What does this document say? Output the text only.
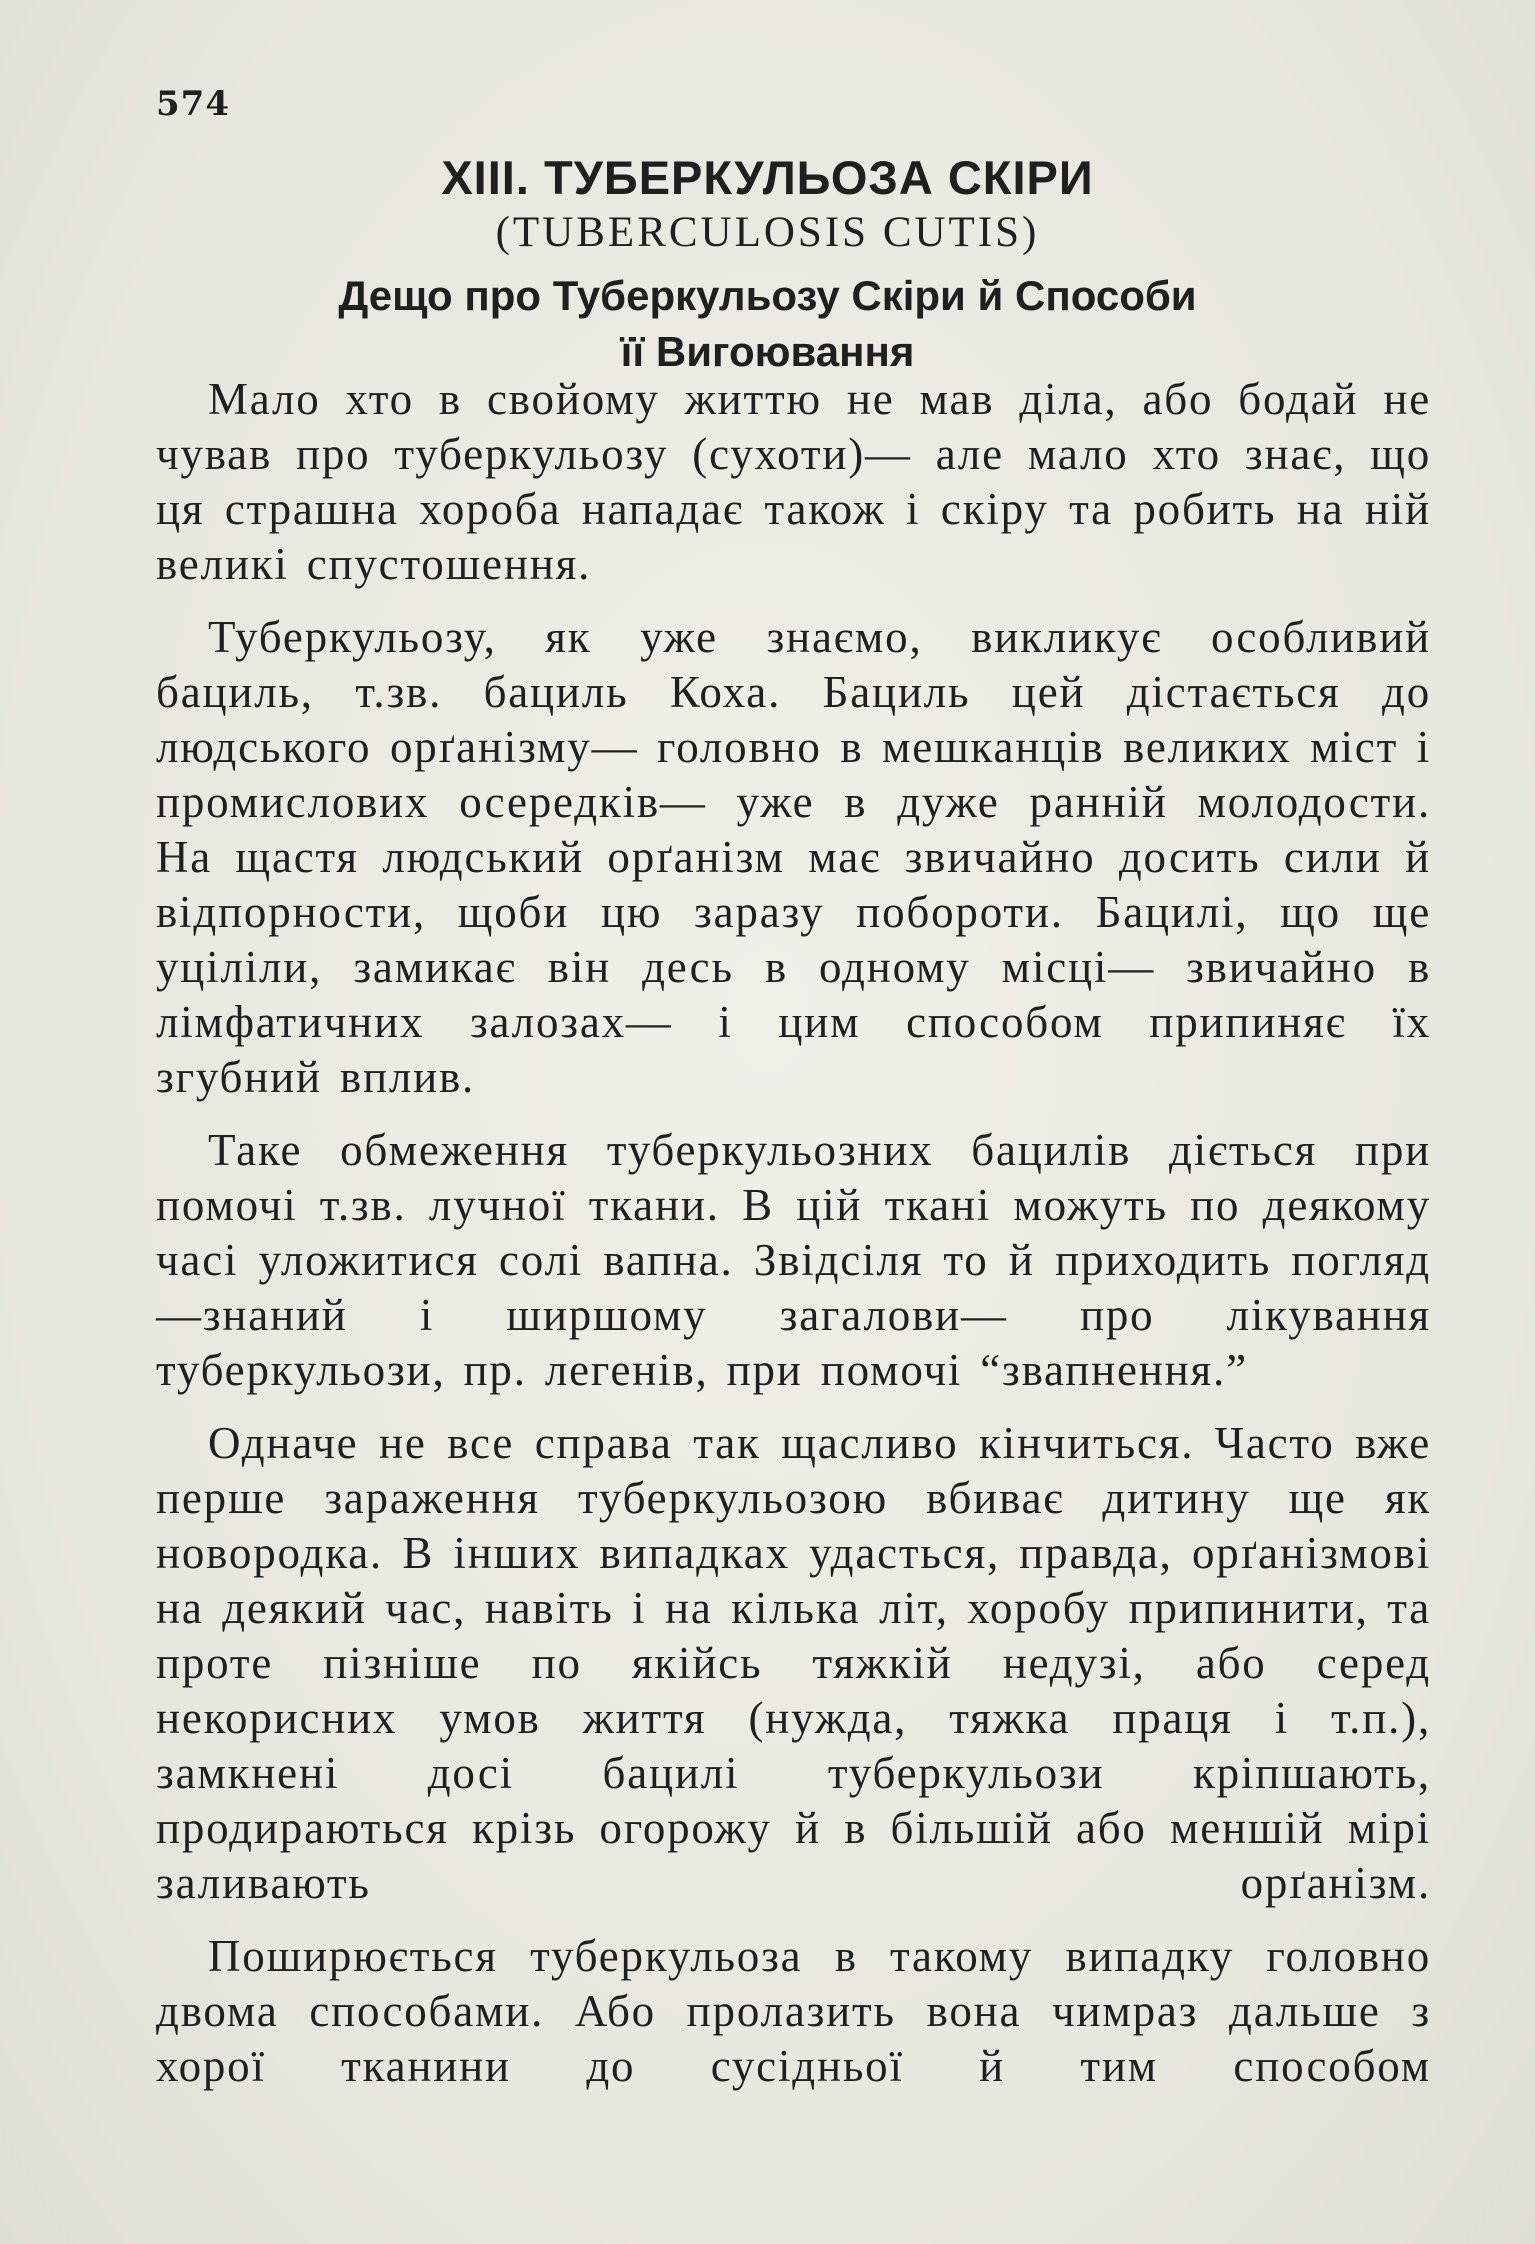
574
XIII. ТУБЕРКУЛЬОЗА СКІРИ
(TUBERCULOSIS CUTIS)
Дещо про Туберкульозу Скіри й Способи
її Вигоювання

Мало хто в свойому життю не мав діла, або бодай не чував про туберкульозу (сухоти)— але мало хто знає, що ця страшна хороба нападає також і скіру та робить на ній великі спустошення.

Туберкульозу, як уже знаємо, викликує особливий бациль, т.зв. бациль Коха. Бациль цей дістається до людського орґанізму— головно в мешканців великих міст і промислових осередків— уже в дуже ранній молодости. На щастя людський орґанізм має звичайно досить сили й відпорности, щоби цю заразу побороти. Бацилі, що ще уціліли, замикає він десь в одному місці— звичайно в лімфатичних залозах— і цим способом припиняє їх згубний вплив.

Таке обмеження туберкульозних бацилів діється при помочі т.зв. лучної ткани. В цій ткані можуть по деякому часі уложитися солі вапна. Звідсіля то й приходить погляд—знаний і ширшому загалови— про лікування туберкульози, пр. легенів, при помочі “звапнення.”

Одначе не все справа так щасливо кінчиться. Часто вже перше зараження туберкульозою вбиває дитину ще як новородка. В інших випадках удасться, правда, орґанізмові на деякий час, навіть і на кілька літ, хоробу припинити, та проте пізніше по якійсь тяжкій недузі, або серед некорисних умов життя (нужда, тяжка праця і т.п.), замкнені досі бацилі туберкульози кріпшають, продираються крізь огорожу й в більшій або меншій мірі заливають орґанізм.

Поширюється туберкульоза в такому випадку головно двома способами. Або пролазить вона чимраз дальше з хорої тканини до сусідньої й тим способом
